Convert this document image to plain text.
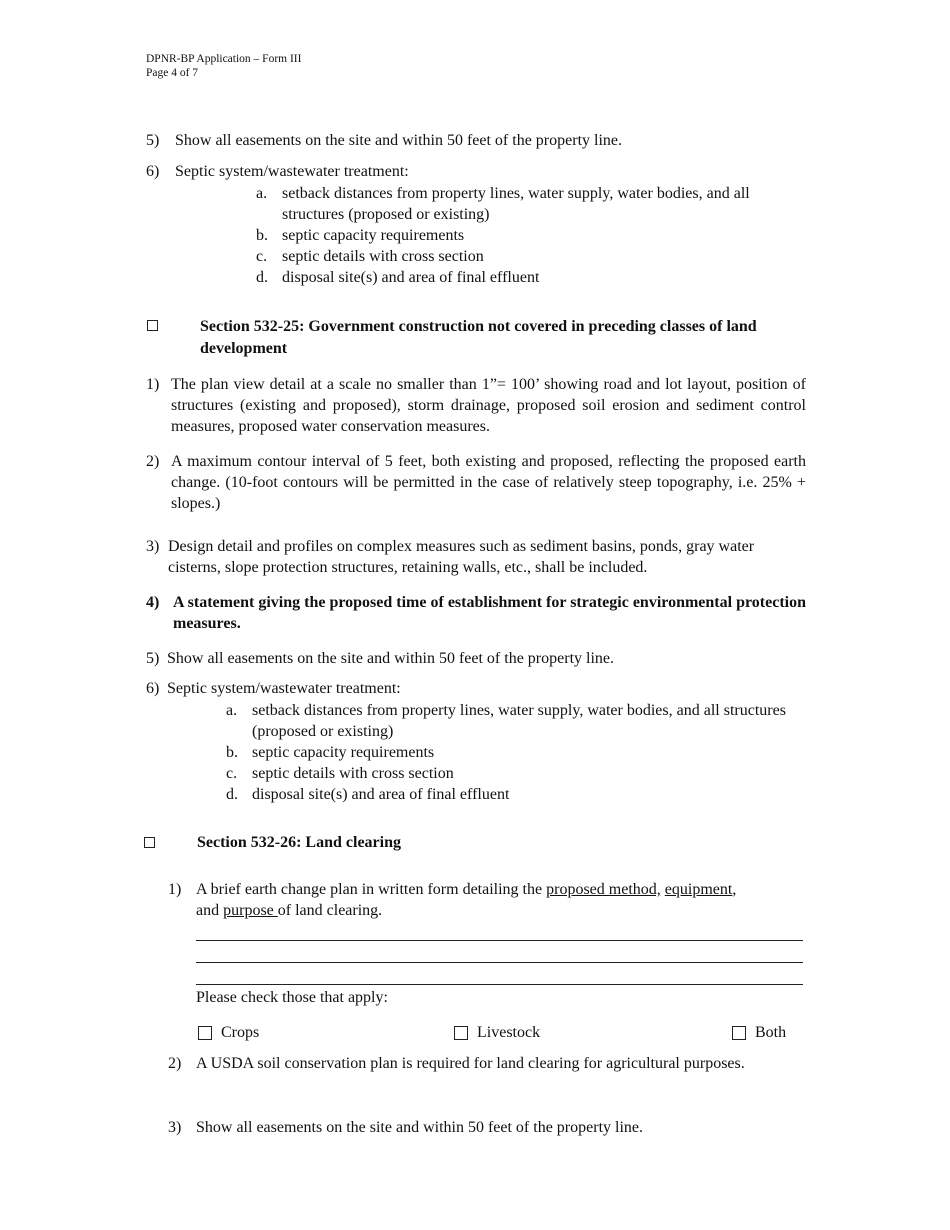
DPNR-BP Application – Form III
Page 4 of 7
5) Show all easements on the site and within 50 feet of the property line.
6) Septic system/wastewater treatment:
a. setback distances from property lines, water supply, water bodies, and all structures (proposed or existing)
b. septic capacity requirements
c. septic details with cross section
d. disposal site(s) and area of final effluent
Section 532-25: Government construction not covered in preceding classes of land development
1) The plan view detail at a scale no smaller than 1”= 100’ showing road and lot layout, position of structures (existing and proposed), storm drainage, proposed soil erosion and sediment control measures, proposed water conservation measures.
2) A maximum contour interval of 5 feet, both existing and proposed, reflecting the proposed earth change. (10-foot contours will be permitted in the case of relatively steep topography, i.e. 25% + slopes.)
3) Design detail and profiles on complex measures such as sediment basins, ponds, gray water cisterns, slope protection structures, retaining walls, etc., shall be included.
4) A statement giving the proposed time of establishment for strategic environmental protection measures.
5) Show all easements on the site and within 50 feet of the property line.
6) Septic system/wastewater treatment:
a. setback distances from property lines, water supply, water bodies, and all structures (proposed or existing)
b. septic capacity requirements
c. septic details with cross section
d. disposal site(s) and area of final effluent
Section 532-26: Land clearing
1) A brief earth change plan in written form detailing the proposed method, equipment, and purpose of land clearing.
Please check those that apply:
Crops	Livestock	Both
2) A USDA soil conservation plan is required for land clearing for agricultural purposes.
3) Show all easements on the site and within 50 feet of the property line.
